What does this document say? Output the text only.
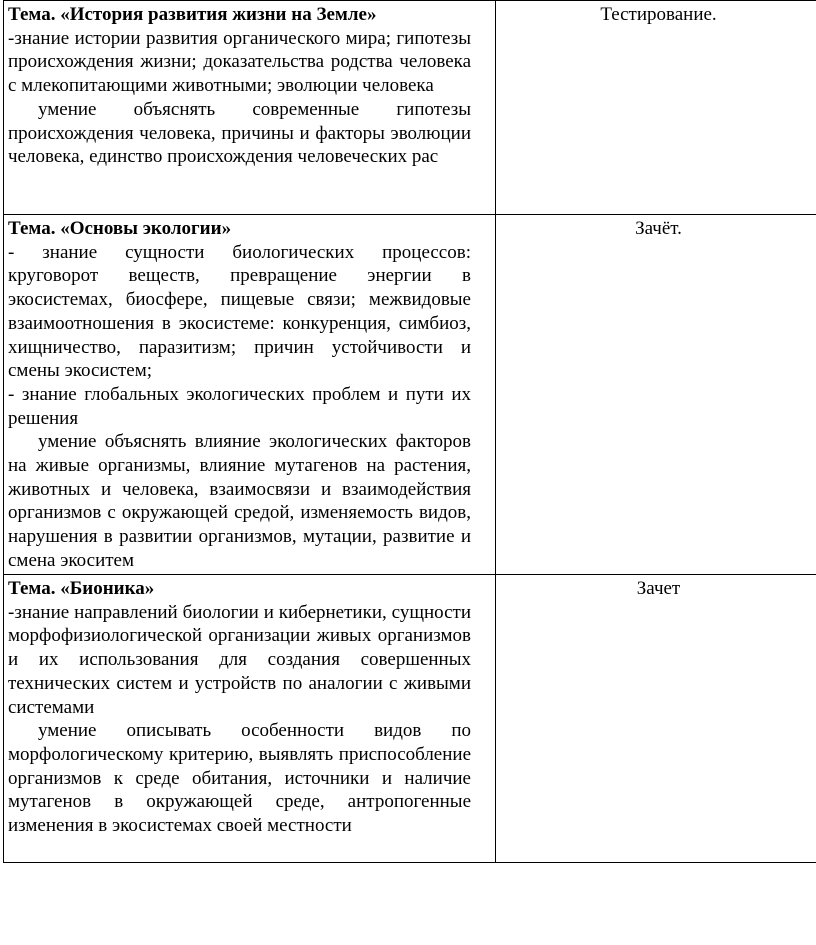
Тема. «История развития жизни на Земле»
-знание истории развития органического мира; гипотезы происхождения жизни; доказательства родства человека с млекопитающими животными; эволюции человека
умение объяснять современные гипотезы происхождения человека, причины и факторы эволюции человека, единство происхождения человеческих рас	Тестирование.

Тема. «Основы экологии»
- знание сущности биологических процессов: круговорот веществ, превращение энергии в экосистемах, биосфере, пищевые связи; межвидовые взаимоотношения в экосистеме: конкуренция, симбиоз, хищничество, паразитизм; причин устойчивости и смены экосистем;
- знание глобальных экологических проблем и пути их решения
умение объяснять влияние экологических факторов на живые организмы, влияние мутагенов на растения, животных и человека, взаимосвязи и взаимодействия организмов с окружающей средой, изменяемость видов, нарушения в развитии организмов, мутации, развитие и смена экоситем	Зачёт.

Тема. «Бионика»
-знание направлений биологии и кибернетики, сущности морфофизиологической организации живых организмов и их использования для создания совершенных технических систем и устройств по аналогии с живыми системами
умение описывать особенности видов по морфологическому критерию, выявлять приспособление организмов к среде обитания, источники и наличие мутагенов в окружающей среде, антропогенные изменения в экосистемах своей местности	Зачет
